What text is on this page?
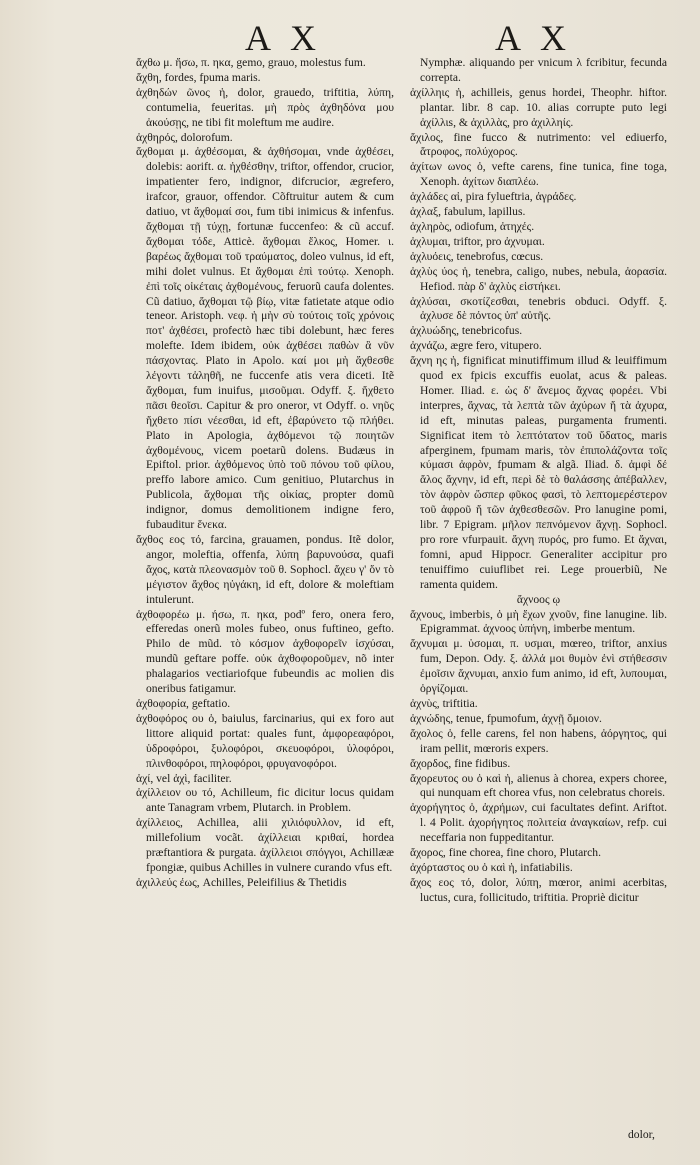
A X	A X

ἄχθω μ. ἤσω, π. ηκα, gemo, grauo, molestus fum.

ἄχθη, fordes, fpuma maris.

ἀχθηδών ῶνος ἡ, dolor, grauedo, triftitia, λύπη, contumelia, feueritas. μὴ πρὸς ἀχθηδόνα μου ἀκούσῃς, ne tibi fit moleftum me audire.

ἀχθηρός, dolorofum.

ἄχθομαι μ. ἀχθέσομαι, & ἀχθήσομαι, vnde ἀχθέσει, dolebis: aorift. α. ἠχθέσθην, triftor, offendor, crucior, impatienter fero, indignor, difcrucior, ægrefero, irafcor, grauor, offendor. Cõftruitur autem & cum datiuo, vt ἄχθομαί σοι, fum tibi inimicus & infenfus. ἄχθομαι τῇ τύχῃ, fortunæ fuccenfeo: & cũ accuf. ἄχθομαι τόδε, Atticè. ἄχθομαι ἕλκος, Homer. ι. βαρέως ἄχθομαι τοῦ τραύματος, doleo vulnus, id eft, mihi dolet vulnus. Et ἄχθομαι ἐπὶ τούτῳ. Xenoph. ἐπὶ τοῖς οἰκέταις ἀχθομένους, feruorũ caufa dolentes. Cũ datiuo, ἄχθομαι τῷ βίῳ, vitæ fatietate atque odio teneor. Aristoph. νεφ. ἡ μὴν σὺ τούτοις τοῖς χρόνοις ποτ' ἀχθέσει, profectò hæc tibi dolebunt, hæc feres molefte. Idem ibidem, οὐκ ἀχθέσει παθὼν ἃ νῦν πάσχοντας. Plato in Apolo. καί μοι μὴ ἄχθεσθε λέγοντι τἀληθῆ, ne fuccenfe atis vera diceti. Itẽ ἄχθομαι, fum inuifus, μισοῦμαι. Odyff. ξ. ἤχθετο πᾶσι θεοῖσι. Capitur & pro oneror, vt Odyff. ο. νηῦς ἤχθετο πίσι νέεσθαι, id eft, ἐβαρύνετο τῷ πλήθει. Plato in Apologia, ἀχθόμενοι τῷ ποιητῶν ἀχθομένους, vicem poetarũ dolens. Budæus in Epiftol. prior. ἀχθόμενος ὑπὸ τοῦ πόνου τοῦ φίλου, preffo labore amico. Cum genitiuo, Plutarchus in Publicola, ἄχθομαι τῆς οἰκίας, propter domũ indignor, domus demolitionem indigne fero, fubauditur ἕνεκα.

ἄχθος εος τό, farcina, grauamen, pondus. Itẽ dolor, angor, moleftia, offenfa, λύπη βαρυνούσα, quafi ἄχος, κατὰ πλεονασμὸν τοῦ θ. Sophocl. ἄχευ γ' ὄν τὸ μέγιστον ἄχθος ηὐγάκη, id eft, dolore & moleftiam intulerunt.

ἀχθοφορέω μ. ήσω, π. ηκα, podº fero, onera fero, efferedas onerũ moles fubeo, onus fuftineo, gefto. Philo de mũd. τὸ κόσμον ἀχθοφορεῖν ἰσχύσαι, mundũ geftare poffe. οὐκ ἀχθοφοροῦμεν, nõ inter phalagarios vectiariofque fubeundis ac molien dis oneribus fatigamur.

ἀχθοφορία, geftatio.

ἀχθοφόρος ου ὁ, baiulus, farcinarius, qui ex foro aut littore aliquid portat: quales funt, ἀμφορεαφόροι, ὑδροφόροι, ξυλοφόροι, σκευοφόροι, ὑλοφόροι, πλινθοφόροι, πηλοφόροι, φρυγανοφόροι.

ἀχί, vel ἀχὶ, faciliter.

ἀχίλλειον ου τό, Achilleum, fic dicitur locus quidam ante Tanagram vrbem, Plutarch. in Problem.

ἀχίλλειος, Achillea, alii χιλιόφυλλον, id eft, millefolium vocãt. ἀχίλλειαι κριθαί, hordea præftantiora & purgata. ἀχίλλειοι σπόγγοι, Achillææ fpongiæ, quibus Achilles in vulnere curando vfus eft.

ἀχιλλεύς έως, Achilles, Peleifilius & Thetidis

Nymphæ. aliquando per vnicum λ fcribitur, fecunda correpta.

ἀχίλληις ἡ, achilleis, genus hordei, Theophr. hiftor. plantar. libr. 8 cap. 10. alias corrupte puto legi ἀχίλλιs, & ἀχιλλὰς, pro ἀχιλληίς.

ἄχιλος, fine fucco & nutrimento: vel ediuerfo, ἄτροφος, πολύχορος.

ἀχίτων ωνος ὁ, vefte carens, fine tunica, fine toga, Xenoph. ἀχίτων διαπλέω.

ἀχλάδες αἱ, pira fylueftria, ἀγράδες.

ἀχλαξ, fabulum, lapillus.

ἀχληρὸς, odiofum, ἀτηχές.

ἀχλυμαι, triftor, pro ἀχνυμαι.

ἀχλυόεις, tenebrofus, cœcus.

ἀχλὺς ύος ἡ, tenebra, caligo, nubes, nebula, ἀορασία. Hefiod. πὰρ δ' ἀχλὺς εἱστήκει.

ἀχλύσαι, σκοτίζεσθαι, tenebris obduci. Odyff. ξ. ἀχλυσε δὲ πόντος ὑπ' αὐτῆς.

ἀχλυώδης, tenebricofus.

ἀχνάζω, ægre fero, vitupero.

ἄχνη ης ἡ, fignificat minutiffimum illud & leuiffimum quod ex fpicis excuffis euolat, acus & paleas. Homer. Iliad. ε. ὡς δ' ἄνεμος ἄχνας φορέει. Vbi interpres, ἄχνας, τὰ λεπτὰ τῶν ἀχύρων ἤ τὰ ἀχυρα, id eft, minutas paleas, purgamenta frumenti. Significat item τὸ λεπτότατον τοῦ ὕδατος, maris afperginem, fpumam maris, τὸν ἐπιπολάζοντα τοῖς κύμασι ἀφρὸν, fpumam & algã. Iliad. δ. ἀμφὶ δέ ἄλος ἄχνην, id eft, περὶ δὲ τὸ θαλάσσης ἀπέβαλλεν, τὸν ἀφρὸν ὥσπερ φῦκος φασὶ, τὸ λεπτομερέστερον τοῦ ἀφροῦ ἤ τῶν ἀχθεσθεσῶν. Pro lanugine pomi, libr. 7 Epigram. μῆλον πεπνόμενον ἄχνῃ. Sophocl. pro rore vfurpauit. ἄχνη πυρός, pro fumo. Et ἄχναι, fomni, apud Hippocr. Generaliter accipitur pro tenuiffimo cuiuflibet rei. Lege prouerbiũ, Ne ramenta quidem.

ἄχνοος ῳ

ἄχνους, imberbis, ὁ μὴ ἔχων χνοῦν, fine lanugine. lib. Epigrammat. ἀχνοος ὑπήνη, imberbe mentum.

ἄχνυμαι μ. ὑσομαι, π. υσμαι, mœreo, triftor, anxius fum, Depon. Ody. ξ. ἀλλά μοι θυμὸν ἐνὶ στήθεσσιν ἐμοῖσιν ἄχνυμαι, anxio fum animo, id eft, λυπουμαι, ὀργίζομαι.

ἀχνὺς, triftitia.

ἀχνώδης, tenue, fpumofum, ἀχνῇ ὅμοιον.

ἄχολος ὁ, felle carens, fel non habens, ἀόργητος, qui iram pellit, mœroris expers.

ἄχορδος, fine fidibus.

ἄχορευτος ου ὁ καὶ ἡ, alienus à chorea, expers choree, qui nunquam eft chorea vfus, non celebratus choreis.

ἀχορήγητος ὁ, ἀχρήμων, cui facultates defint. Ariftot. l. 4 Polit. ἀχορήγητος πολιτεία ἀναγκαίων, refp. cui neceffaria non fuppeditantur.

ἄχορος, fine chorea, fine choro, Plutarch.

ἀχόρταστος ου ὁ καὶ ἡ, infatiabilis.

ἄχος εος τό, dolor, λύπη, mœror, animi acerbitas, luctus, cura, follicitudo, triftitia. Propriè dicitur

dolor,
